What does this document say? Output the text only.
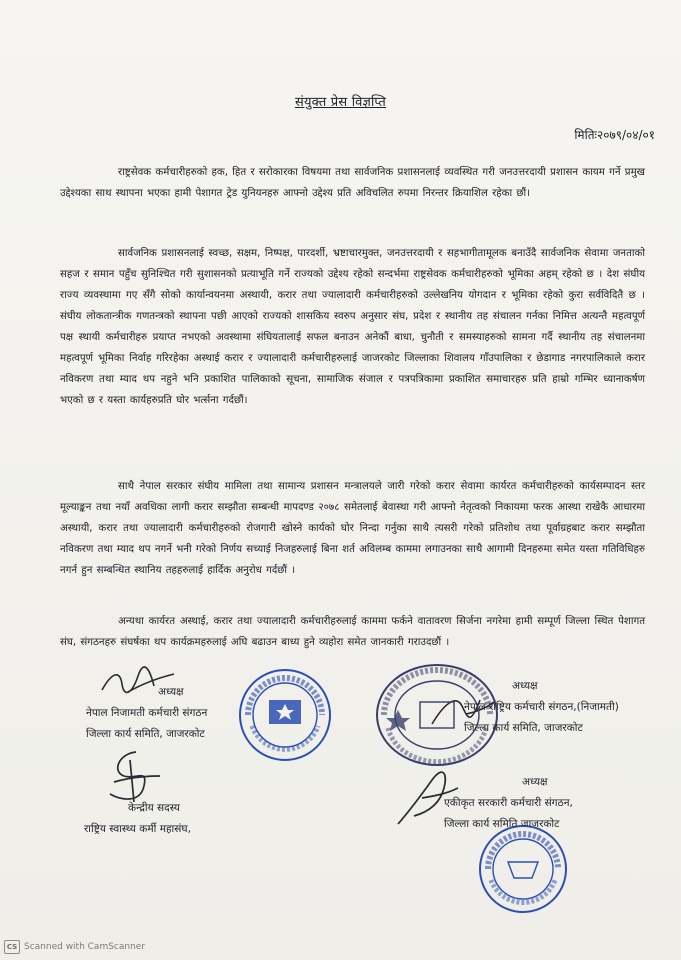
संयुक्त प्रेस विज्ञप्ति
मितिः२०७९/०४/०१

राष्ट्रसेवक कर्मचारीहरुको हक, हित र सरोकारका विषयमा तथा सार्वजनिक प्रशासनलाई व्यवस्थित गरी जनउत्तरदायी प्रशासन कायम गर्ने प्रमुख उद्देश्यका साथ स्थापना भएका हामी पेशागत ट्रेड युनियनहरु आफ्नो उद्देश्य प्रति अविचलित रुपमा निरन्तर क्रियाशिल रहेका छौं।

सार्वजनिक प्रशासनलाई स्वच्छ, सक्षम, निष्पक्ष, पारदर्शी, भ्रष्टाचारमुक्त, जनउत्तरदायी र सहभागीतामूलक बनाउँदै सार्वजनिक सेवामा जनताको सहज र समान पहुँच सुनिश्चित गरी सुशासनको प्रत्याभूति गर्ने राज्यको उद्देश्य रहेको सन्दर्भमा राष्ट्रसेवक कर्मचारीहरुको भूमिका अहम् रहेको छ । देश संघीय राज्य व्यवस्थामा गए सँगै सोको कार्यान्वयनमा अस्थायी, करार तथा ज्यालादारी कर्मचारीहरुको उल्लेखनिय योगदान र भूमिका रहेको कुरा सर्वविदितै छ । संघीय लोकतान्त्रीक गणतन्त्रको स्थापना पछी आएको राज्यको शासकिय स्वरुप अनुसार संघ, प्रदेश र स्थानीय तह संचालन गर्नका निमित्त अत्यन्तै महत्वपूर्ण पक्ष स्थायी कर्मचारीहरु प्रयाप्त नभएको अवस्थामा संघियतालाई सफल बनाउन अनेकौं बाधा, चुनौती र समस्याहरुको सामना गर्दै स्थानीय तह संचालनमा महत्वपूर्ण भूमिका निर्वाह गरिरहेका अस्थाई करार र ज्यालादारी कर्मचारीहरुलाई जाजरकोट जिल्लाका शिवालय गाँउपालिका र छेडागाड नगरपालिकाले करार नविकरण तथा म्याद थप नहुने भनि प्रकाशित पालिकाको सूचना, सामाजिक संजाल र पत्रपत्रिकामा प्रकाशित समाचारहरु प्रति हाम्रो गम्भिर ध्यानाकर्षण भएको छ र यस्ता कार्यहरुप्रति घोर भर्त्सना गर्दछौं।

साथै नेपाल सरकार संघीय मामिला तथा सामान्य प्रशासन मन्त्रालयले जारी गरेको करार सेवामा कार्यरत कर्मचारीहरुको कार्यसम्पादन स्तर मूल्याङ्कन तथा नयाँ अवधिका लागी करार सम्झौता सम्बन्धी मापदण्ड २०७८ समेतलाई बेवास्था गरी आफ्नो नेतृत्वको निकायमा फरक आस्था राखेकै आधारमा अस्थायी, करार तथा ज्यालादारी कर्मचारीहरुको रोजगारी खोस्ने कार्यको घोर निन्दा गर्नुका साथै त्यसरी गरेको प्रतिशोध तथा पूर्वाग्रहबाट करार सम्झौता नविकरण तथा म्याद थप नगर्ने भनी गरेको निर्णय सच्याई निजहरुलाई बिना शर्त अविलम्ब काममा लगाउनका साथै आगामी दिनहरुमा समेत यस्ता गतिविधिहरु नगर्न हुन सम्बन्धित स्थानिय तहहरुलाई हार्दिक अनुरोध गर्दछौं ।

अन्यथा कार्यरत अस्थाई, करार तथा ज्यालादारी कर्मचारीहरुलाई काममा फर्कने वातावरण सिर्जना नगरेमा हामी सम्पूर्ण जिल्ला स्थित पेशागत संघ, संगठनहरु संघर्षका थप कार्यक्रमहरुलाई अघि बढाउन बाध्य हुने व्यहोरा समेत जानकारी गराउदछौं ।

अध्यक्ष
नेपाल निजामती कर्मचारी संगठन
जिल्ला कार्य समिति, जाजरकोट
अध्यक्ष
नेपाल राष्ट्रिय कर्मचारी संगठन,(निजामती)
जिल्ला कार्य समिति, जाजरकोट
केन्द्रीय सदस्य
राष्ट्रिय स्वास्थ्य कर्मी महासंघ,
अध्यक्ष
एकीकृत सरकारी कर्मचारी संगठन,
जिल्ला कार्य समिति जाजरकोट
CS Scanned with CamScanner
